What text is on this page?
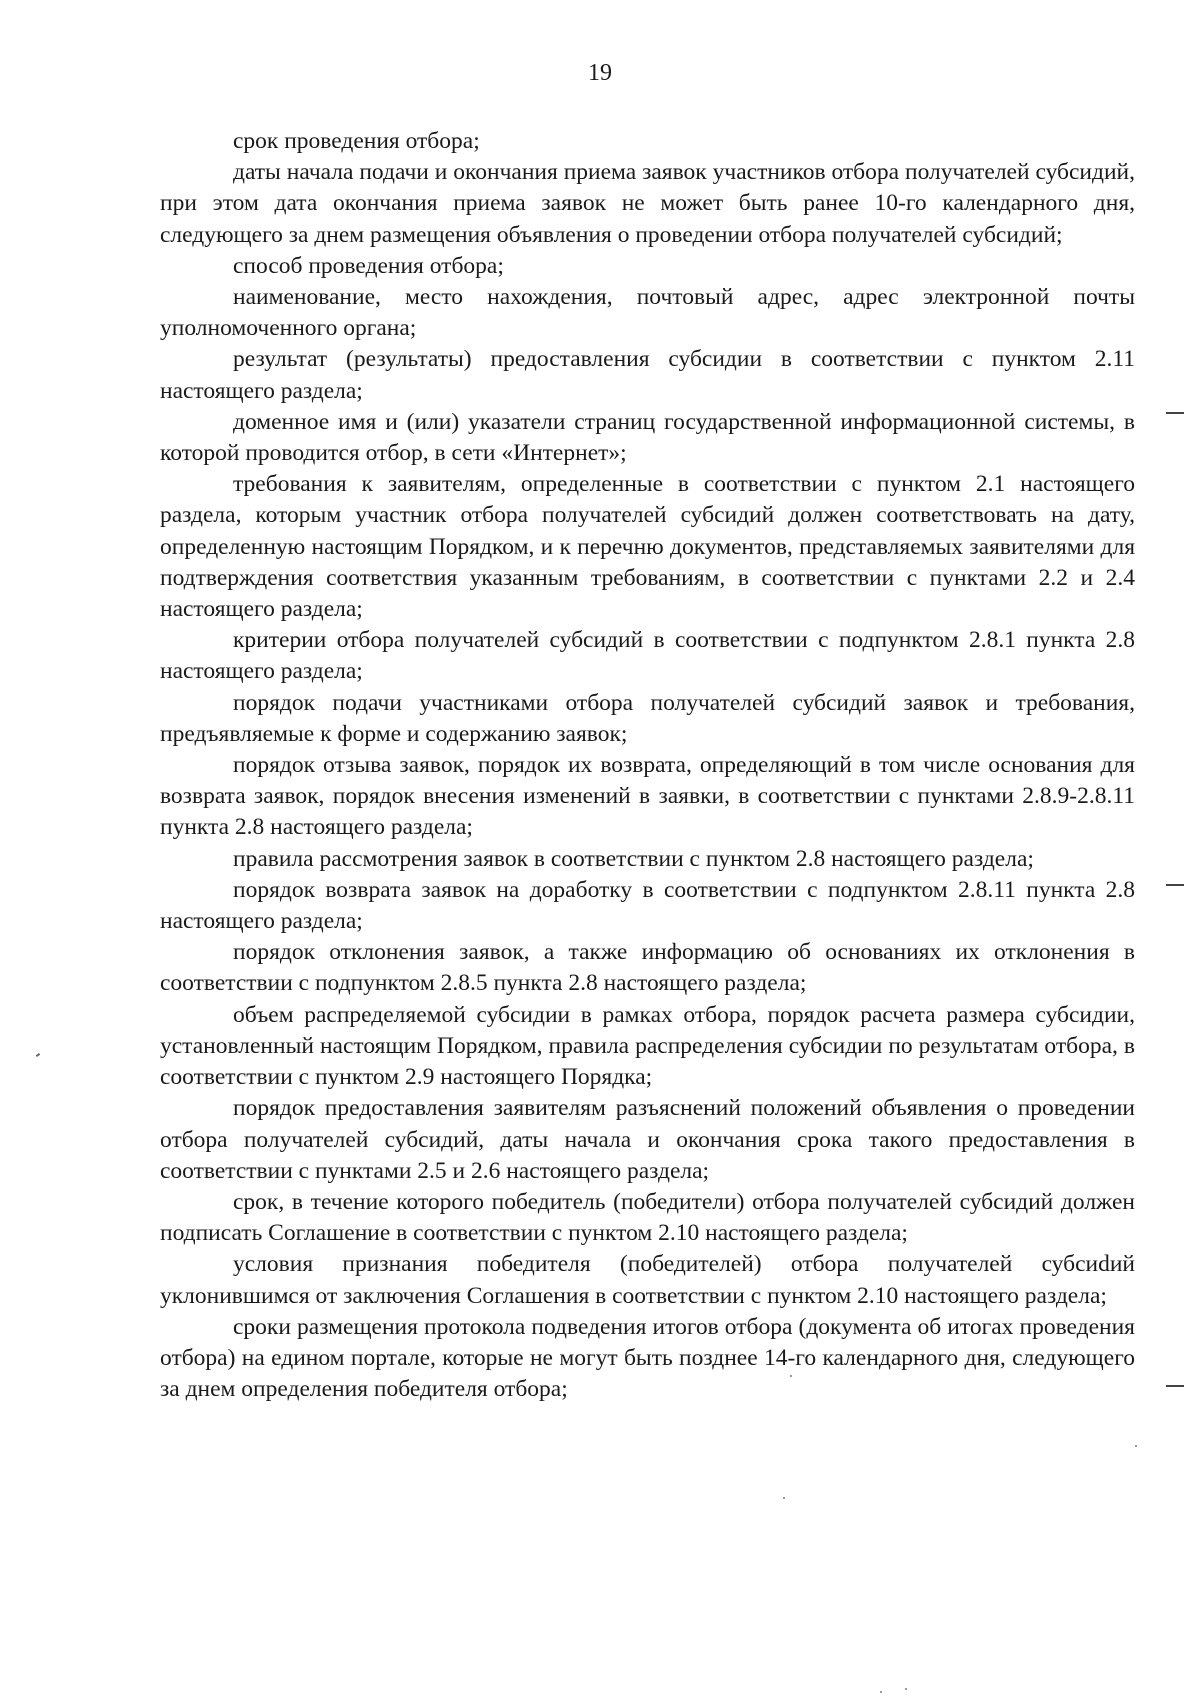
19

срок проведения отбора;

даты начала подачи и окончания приема заявок участников отбора получателей субсидий, при этом дата окончания приема заявок не может быть ранее 10-го календарного дня, следующего за днем размещения объявления о проведении отбора получателей субсидий;

способ проведения отбора;

наименование, место нахождения, почтовый адрес, адрес электронной почты уполномоченного органа;

результат (результаты) предоставления субсидии в соответствии с пунктом 2.11 настоящего раздела;

доменное имя и (или) указатели страниц государственной информационной системы, в которой проводится отбор, в сети «Интернет»;

требования к заявителям, определенные в соответствии с пунктом 2.1 настоящего раздела, которым участник отбора получателей субсидий должен соответствовать на дату, определенную настоящим Порядком, и к перечню документов, представляемых заявителями для подтверждения соответствия указанным требованиям, в соответствии с пунктами 2.2 и 2.4 настоящего раздела;

критерии отбора получателей субсидий в соответствии с подпунктом 2.8.1 пункта 2.8 настоящего раздела;

порядок подачи участниками отбора получателей субсидий заявок и требования, предъявляемые к форме и содержанию заявок;

порядок отзыва заявок, порядок их возврата, определяющий в том числе основания для возврата заявок, порядок внесения изменений в заявки, в соответствии с пунктами 2.8.9-2.8.11 пункта 2.8 настоящего раздела;

правила рассмотрения заявок в соответствии с пунктом 2.8 настоящего раздела;

порядок возврата заявок на доработку в соответствии с подпунктом 2.8.11 пункта 2.8 настоящего раздела;

порядок отклонения заявок, а также информацию об основаниях их отклонения в соответствии с подпунктом 2.8.5 пункта 2.8 настоящего раздела;

объем распределяемой субсидии в рамках отбора, порядок расчета размера субсидии, установленный настоящим Порядком, правила распределения субсидии по результатам отбора, в соответствии с пунктом 2.9 настоящего Порядка;

порядок предоставления заявителям разъяснений положений объявления о проведении отбора получателей субсидий, даты начала и окончания срока такого предоставления в соответствии с пунктами 2.5 и 2.6 настоящего раздела;

срок, в течение которого победитель (победители) отбора получателей субсидий должен подписать Соглашение в соответствии с пунктом 2.10 настоящего раздела;

условия признания победителя (победителей) отбора получателей субсиdий уклонившимся от заключения Соглашения в соответствии с пунктом 2.10 настоящего раздела;

сроки размещения протокола подведения итогов отбора (документа об итогах проведения отбора) на едином портале, которые не могут быть позднее 14-го календарного дня, следующего за днем определения победителя отбора;
